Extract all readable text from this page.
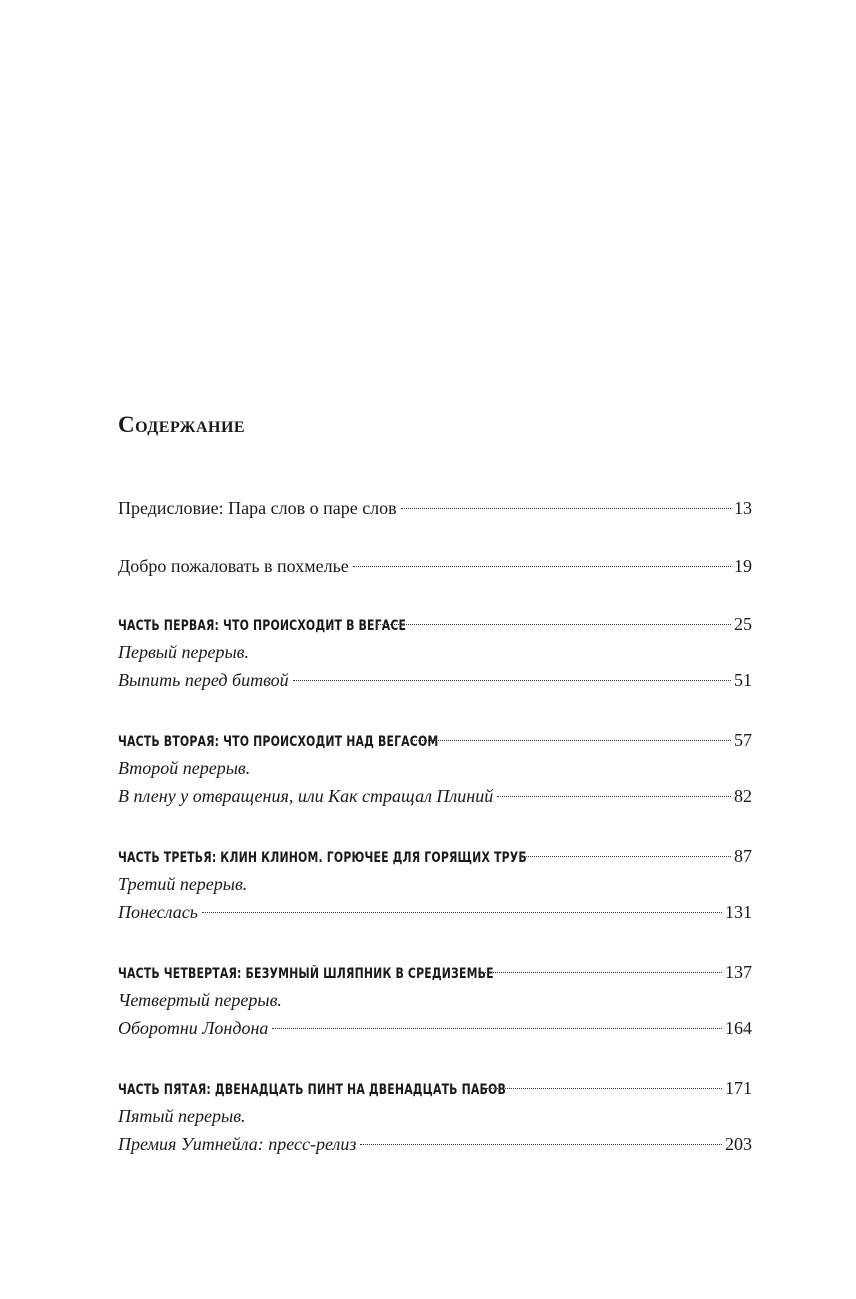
Содержание
Предисловие: Пара слов о паре слов	13
Добро пожаловать в похмелье	19
ЧАСТЬ ПЕРВАЯ: ЧТО ПРОИСХОДИТ В ВЕГАСЕ	25
Первый перерыв.
Выпить перед битвой	51
ЧАСТЬ ВТОРАЯ: ЧТО ПРОИСХОДИТ НАД ВЕГАСОМ	57
Второй перерыв.
В плену у отвращения, или Как стращал Плиний	82
ЧАСТЬ ТРЕТЬЯ: КЛИН КЛИНОМ. ГОРЮЧЕЕ ДЛЯ ГОРЯЩИХ ТРУБ	87
Третий перерыв.
Понеслась	131
ЧАСТЬ ЧЕТВЕРТАЯ: БЕЗУМНЫЙ ШЛЯПНИК В СРЕДИЗЕМЬЕ	137
Четвертый перерыв.
Оборотни Лондона	164
ЧАСТЬ ПЯТАЯ: ДВЕНАДЦАТЬ ПИНТ НА ДВЕНАДЦАТЬ ПАБОВ	171
Пятый перерыв.
Премия Уитнейла: пресс-релиз	203
